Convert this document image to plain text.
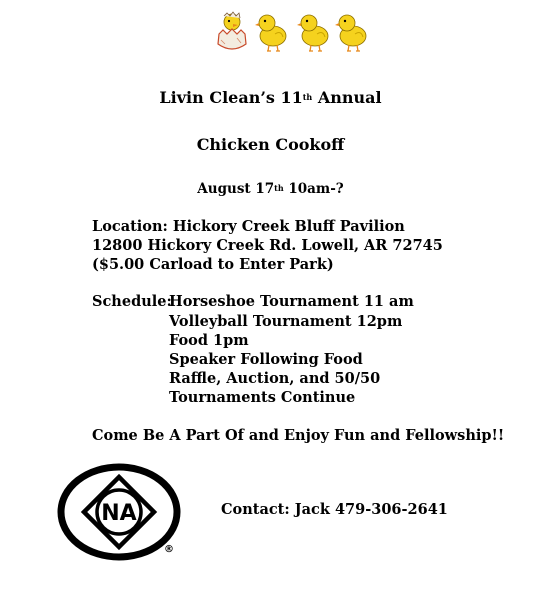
Livin Clean’s 11th Annual
Chicken Cookoff
August 17th 10am-?
Location: Hickory Creek Bluff Pavilion
12800 Hickory Creek Rd. Lowell, AR 72745
($5.00 Carload to Enter Park)
Schedule:
Horseshoe Tournament 11 am
Volleyball Tournament 12pm
Food 1pm
Speaker Following Food
Raffle, Auction, and 50/50
Tournaments Continue
Come Be A Part Of and Enjoy Fun and Fellowship!!
NA
®
Contact: Jack 479-306-2641
